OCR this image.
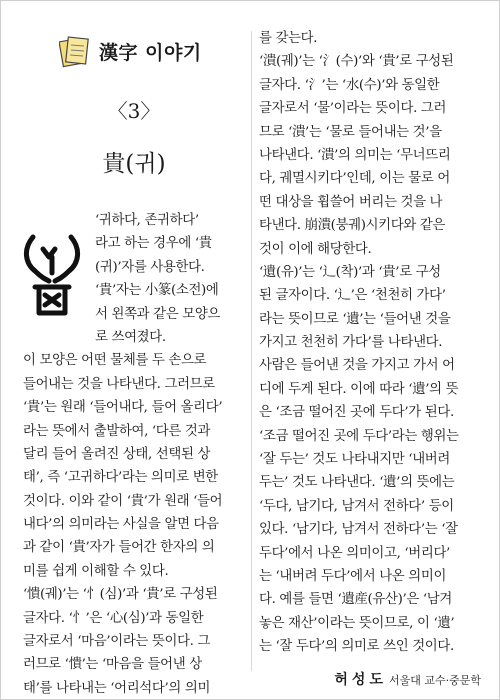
漢字 이야기
〈3〉
貴(귀)
‘귀하다, 존귀하다’
라고 하는 경우에 ‘貴
(귀)’자를 사용한다.
‘貴’자는 小篆(소전)에
서 왼쪽과 같은 모양으
로 쓰여졌다.
이 모양은 어떤 물체를 두 손으로
들어내는 것을 나타낸다. 그러므로
‘貴’는 원래 ‘들어내다, 들어 올리다’
라는 뜻에서 출발하여, ‘다른 것과
달리 들어 올려진 상태, 선택된 상
태’, 즉 ‘고귀하다’라는 의미로 변한
것이다. 이와 같이 ‘貴’가 원래 ‘들어
내다’의 의미라는 사실을 알면 다음
과 같이 ‘貴’자가 들어간 한자의 의
미를 쉽게 이해할 수 있다.
‘憒(궤)’는 ‘忄(심)’과 ‘貴’로 구성된
글자다. ‘忄’은 ‘心(심)’과 동일한
글자로서 ‘마음’이라는 뜻이다. 그
러므로 ‘憒’는 ‘마음을 들어낸 상
태’를 나타내는 ‘어리석다’의 의미
를 갖는다.
‘潰(궤)’는 ‘氵(수)’와 ‘貴’로 구성된
글자다. ‘氵’는 ‘水(수)’와 동일한
글자로서 ‘물’이라는 뜻이다. 그러
므로 ‘潰’는 ‘물로 들어내는 것’을
나타낸다. ‘潰’의 의미는 ‘무너뜨리
다, 궤멸시키다’인데, 이는 물로 어
떤 대상을 휩쓸어 버리는 것을 나
타낸다. 崩潰(붕궤)시키다와 같은
것이 이에 해당한다.
‘遺(유)’는 ‘辶(착)’과 ‘貴’로 구성
된 글자이다. ‘辶’은 ‘천천히 가다’
라는 뜻이므로 ‘遺’는 ‘들어낸 것을
가지고 천천히 가다’를 나타낸다.
사람은 들어낸 것을 가지고 가서 어
디에 두게 된다. 이에 따라 ‘遺’의 뜻
은 ‘조금 떨어진 곳에 두다’가 된다.
‘조금 떨어진 곳에 두다’라는 행위는
‘잘 두는’ 것도 나타내지만 ‘내버려
두는’ 것도 나타낸다. ‘遺’의 뜻에는
‘두다, 남기다, 남겨서 전하다’ 등이
있다. ‘남기다, 남겨서 전하다’는 ‘잘
두다’에서 나온 의미이고, ‘버리다’
는 ‘내버려 두다’에서 나온 의미이
다. 예를 들면 ‘遺産(유산)’은 ‘남겨
놓은 재산’이라는 뜻이므로, 이 ‘遺’
는 ‘잘 두다’의 의미로 쓰인 것이다.
허성도 서울대 교수·중문학
